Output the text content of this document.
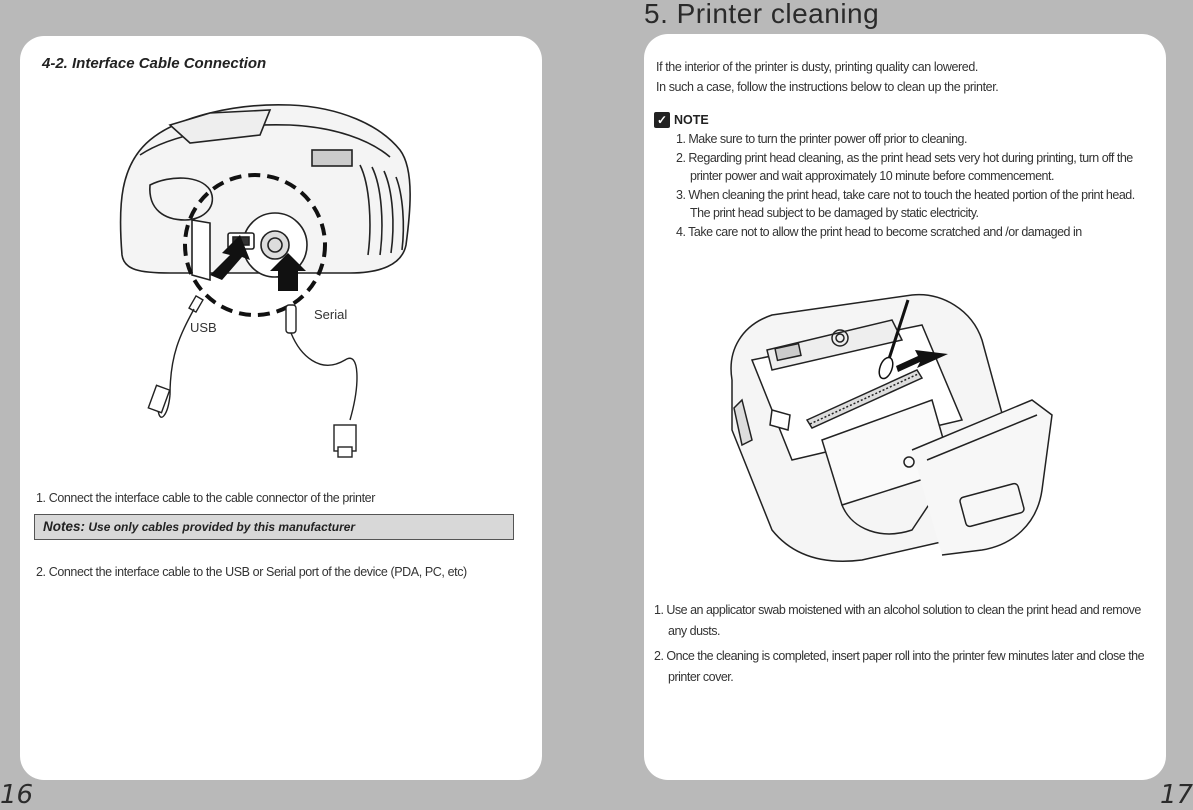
4-2. Interface Cable Connection
USB
Serial
1. Connect the interface cable to the cable connector of the printer
Notes: Use only cables provided by this manufacturer
2. Connect the interface cable to the USB or Serial port of the device (PDA, PC, etc)
16
5. Printer cleaning
If the interior of the printer is dusty, printing quality can lowered.
In such a case, follow the instructions below to clean up the printer.
✓ NOTE
1. Make sure to turn the printer power off prior to cleaning.
2. Regarding print head cleaning, as the print head sets very hot during printing, turn off the printer power and wait approximately 10 minute before commencement.
3. When cleaning the print head, take care not to touch the heated portion of the print head. The print head subject to be damaged by static electricity.
4. Take care not to allow the print head to become scratched and /or damaged in
1. Use an applicator swab moistened with an alcohol solution to clean the print head and remove any dusts.
2. Once the cleaning is completed, insert paper roll into the printer few minutes later and close the printer cover.
17
